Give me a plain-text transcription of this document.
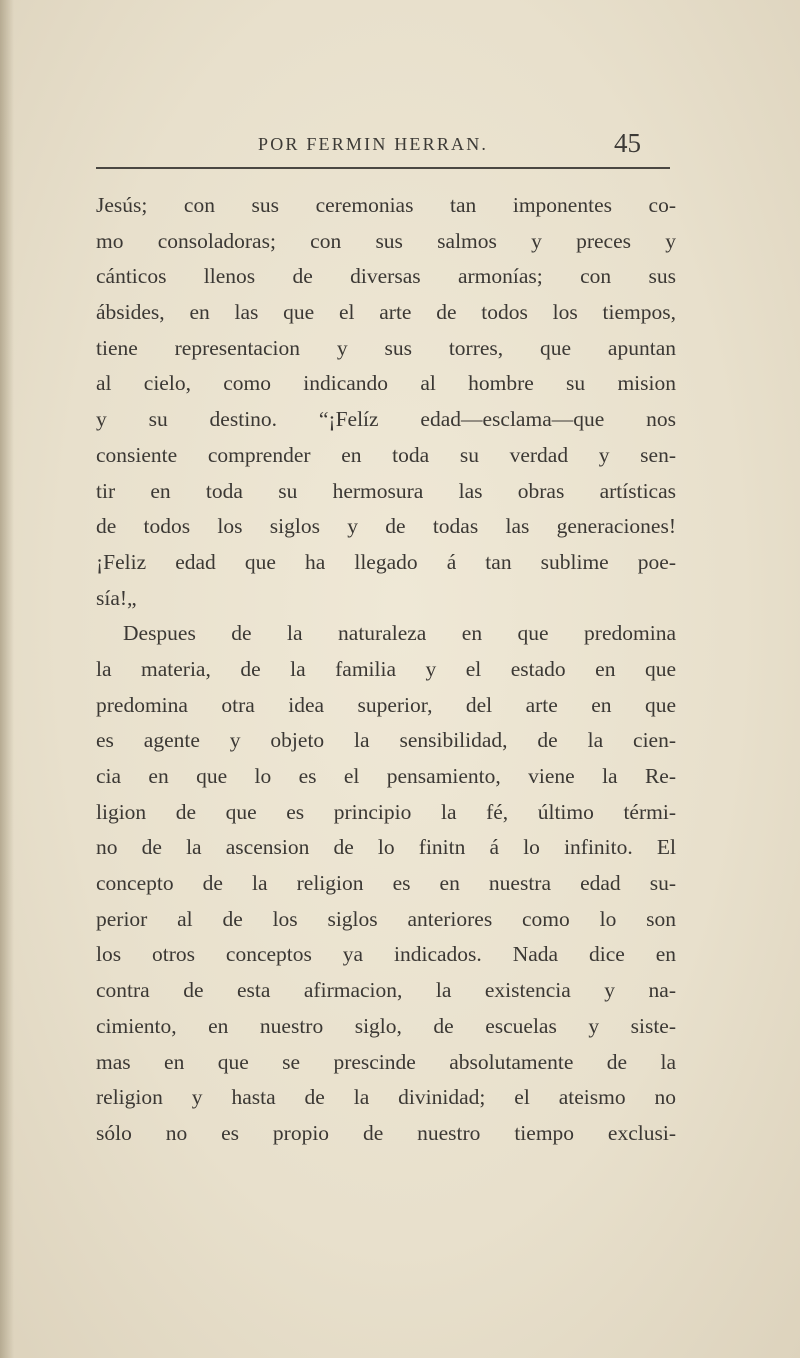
POR FERMIN HERRAN.	45
Jesús; con sus ceremonias tan imponentes co-
mo consoladoras; con sus salmos y preces y
cánticos llenos de diversas armonías; con sus
ábsides, en las que el arte de todos los tiempos,
tiene representacion y sus torres, que apuntan
al cielo, como indicando al hombre su mision
y su destino. “¡Felíz edad—esclama—que nos
consiente comprender en toda su verdad y sen-
tir en toda su hermosura las obras artísticas
de todos los siglos y de todas las generaciones!
¡Feliz edad que ha llegado á tan sublime poe-
sía!„
Despues de la naturaleza en que predomina
la materia, de la familia y el estado en que
predomina otra idea superior, del arte en que
es agente y objeto la sensibilidad, de la cien-
cia en que lo es el pensamiento, viene la Re-
ligion de que es principio la fé, último térmi-
no de la ascension de lo finitn á lo infinito. El
concepto de la religion es en nuestra edad su-
perior al de los siglos anteriores como lo son
los otros conceptos ya indicados. Nada dice en
contra de esta afirmacion, la existencia y na-
cimiento, en nuestro siglo, de escuelas y siste-
mas en que se prescinde absolutamente de la
religion y hasta de la divinidad; el ateismo no
sólo no es propio de nuestro tiempo exclusi-
